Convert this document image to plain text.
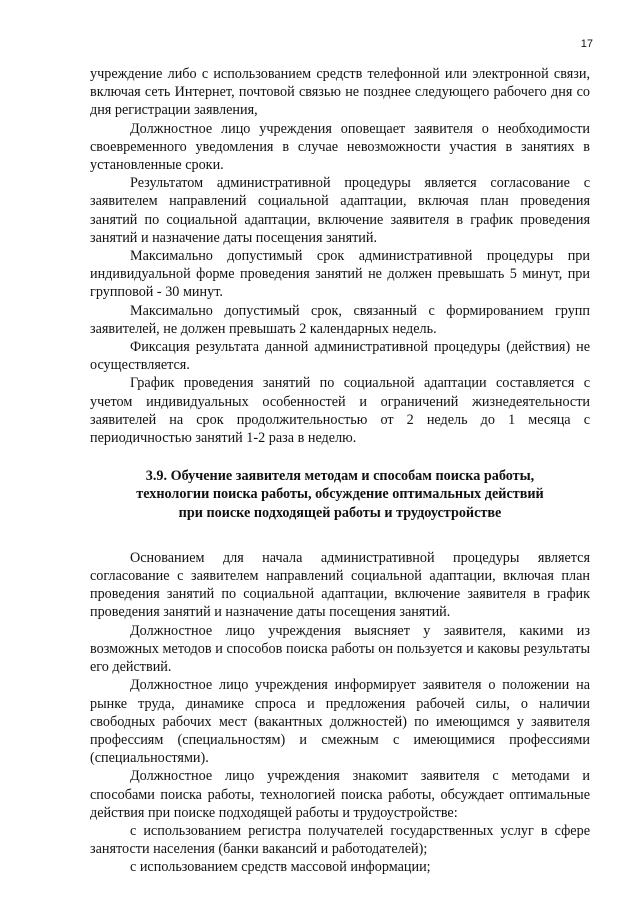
17

учреждение либо с использованием средств телефонной или электронной связи, включая сеть Интернет, почтовой связью не позднее следующего рабочего дня со дня регистрации заявления,

Должностное лицо учреждения оповещает заявителя о необходимости своевременного уведомления в случае невозможности участия в занятиях в установленные сроки.

Результатом административной процедуры является согласование с заявителем направлений социальной адаптации, включая план проведения занятий по социальной адаптации, включение заявителя в график проведения занятий и назначение даты посещения занятий.

Максимально допустимый срок административной процедуры при индивидуальной форме проведения занятий не должен превышать 5 минут, при групповой - 30 минут.

Максимально допустимый срок, связанный с формированием групп заявителей, не должен превышать 2 календарных недель.

Фиксация результата данной административной процедуры (действия) не осуществляется.

График проведения занятий по социальной адаптации составляется с учетом индивидуальных особенностей и ограничений жизнедеятельности заявителей на срок продолжительностью от 2 недель до 1 месяца с периодичностью занятий 1-2 раза в неделю.

3.9. Обучение заявителя методам и способам поиска работы,
технологии поиска работы, обсуждение оптимальных действий
при поиске подходящей работы и трудоустройстве

Основанием для начала административной процедуры является согласование с заявителем направлений социальной адаптации, включая план проведения занятий по социальной адаптации, включение заявителя в график проведения занятий и назначение даты посещения занятий.

Должностное лицо учреждения выясняет у заявителя, какими из возможных методов и способов поиска работы он пользуется и каковы результаты его действий.

Должностное лицо учреждения информирует заявителя о положении на рынке труда, динамике спроса и предложения рабочей силы, о наличии свободных рабочих мест (вакантных должностей) по имеющимся у заявителя профессиям (специальностям) и смежным с имеющимися профессиями (специальностями).

Должностное лицо учреждения знакомит заявителя с методами и способами поиска работы, технологией поиска работы, обсуждает оптимальные действия при поиске подходящей работы и трудоустройстве:

с использованием регистра получателей государственных услуг в сфере занятости населения (банки вакансий и работодателей);

с использованием средств массовой информации;
